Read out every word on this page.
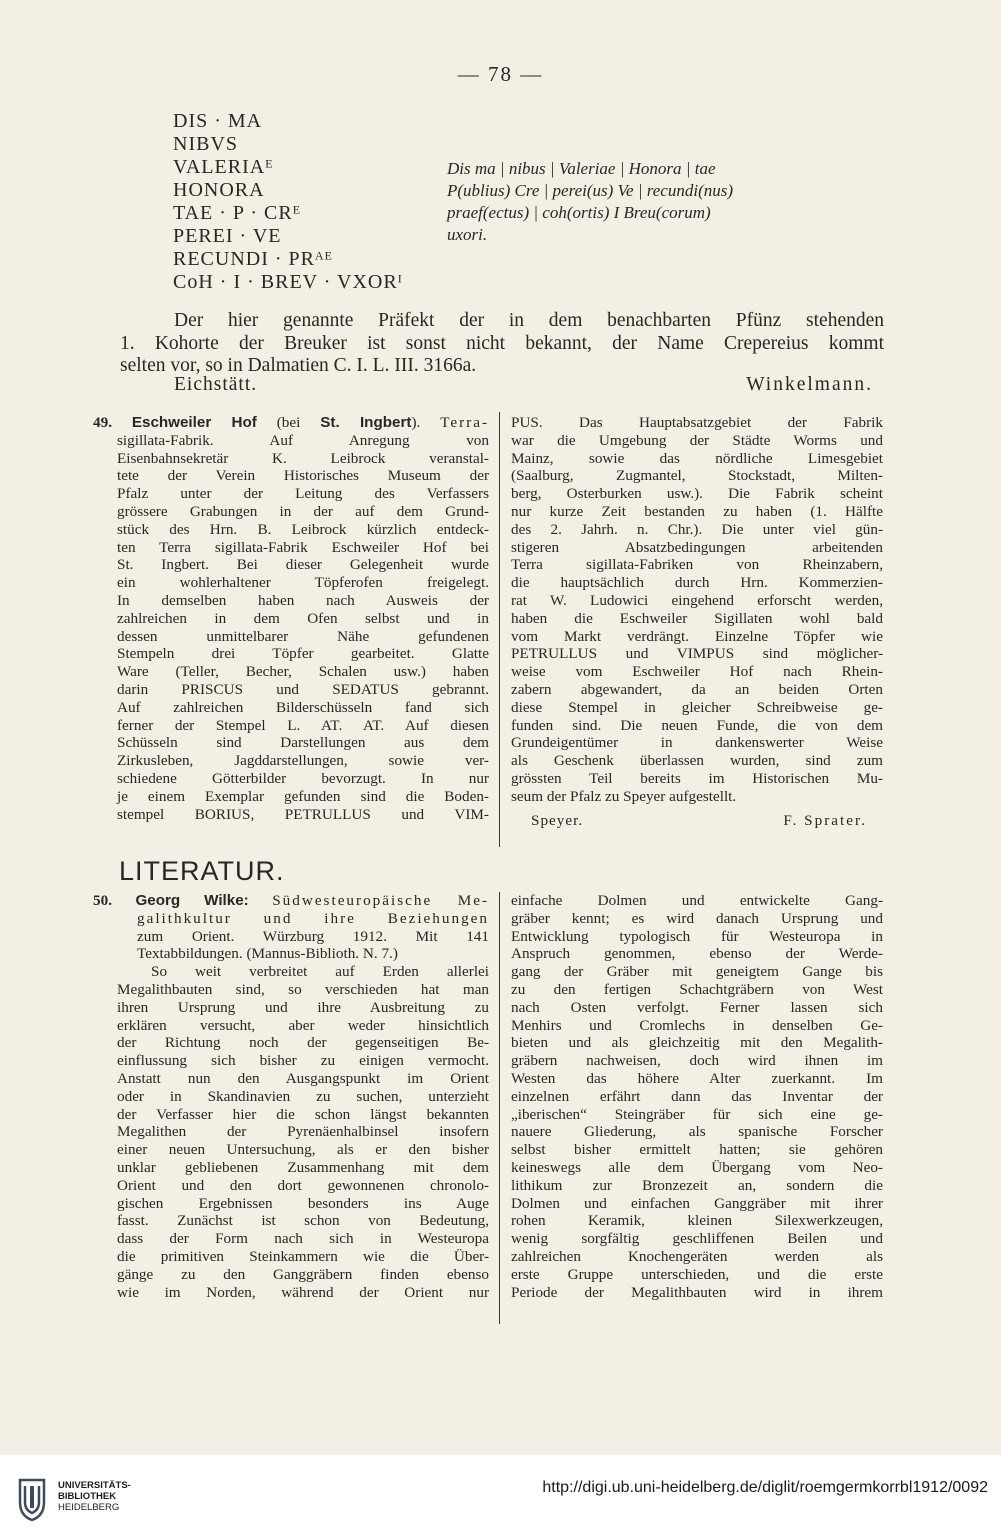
— 78 —
DIS · MA
NIBVS
VALERIAᴱ
HONORA
TAE · P · CRᴱ
PEREI · VE
RECUNDI · PRᴬᴱ
CoH · I · BREV · VXORᴵ
Dis ma | nibus | Valeriae | Honora | tae
P(ublius) Cre | perei(us) Ve | recundi(nus)
praef(ectus) | coh(ortis) I Breu(corum)
uxori.
Der hier genannte Präfekt der in dem benachbarten Pfünz stehenden
1. Kohorte der Breuker ist sonst nicht bekannt, der Name Crepereius kommt
selten vor, so in Dalmatien C. I. L. III. 3166a.
Eichstätt.	Winkelmann.
49. Eschweiler Hof (bei St. Ingbert). Terra-
sigillata-Fabrik. Auf Anregung von
Eisenbahnsekretär K. Leibrock veranstal-
tete der Verein Historisches Museum der
Pfalz unter der Leitung des Verfassers
grössere Grabungen in der auf dem Grund-
stück des Hrn. B. Leibrock kürzlich entdeck-
ten Terra sigillata-Fabrik Eschweiler Hof bei
St. Ingbert. Bei dieser Gelegenheit wurde
ein wohlerhaltener Töpferofen freigelegt.
In demselben haben nach Ausweis der
zahlreichen in dem Ofen selbst und in
dessen unmittelbarer Nähe gefundenen
Stempeln drei Töpfer gearbeitet. Glatte
Ware (Teller, Becher, Schalen usw.) haben
darin PRISCUS und SEDATUS gebrannt.
Auf zahlreichen Bilderschüsseln fand sich
ferner der Stempel L. AT. AT. Auf diesen
Schüsseln sind Darstellungen aus dem
Zirkusleben, Jagddarstellungen, sowie ver-
schiedene Götterbilder bevorzugt. In nur
je einem Exemplar gefunden sind die Boden-
stempel BORIUS, PETRULLUS und VIM-
PUS. Das Hauptabsatzgebiet der Fabrik
war die Umgebung der Städte Worms und
Mainz, sowie das nördliche Limesgebiet
(Saalburg, Zugmantel, Stockstadt, Milten-
berg, Osterburken usw.). Die Fabrik scheint
nur kurze Zeit bestanden zu haben (1. Hälfte
des 2. Jahrh. n. Chr.). Die unter viel gün-
stigeren Absatzbedingungen arbeitenden
Terra sigillata-Fabriken von Rheinzabern,
die hauptsächlich durch Hrn. Kommerzien-
rat W. Ludowici eingehend erforscht werden,
haben die Eschweiler Sigillaten wohl bald
vom Markt verdrängt. Einzelne Töpfer wie
PETRULLUS und VIMPUS sind möglicher-
weise vom Eschweiler Hof nach Rhein-
zabern abgewandert, da an beiden Orten
diese Stempel in gleicher Schreibweise ge-
funden sind. Die neuen Funde, die von dem
Grundeigentümer in dankenswerter Weise
als Geschenk überlassen wurden, sind zum
grössten Teil bereits im Historischen Mu-
seum der Pfalz zu Speyer aufgestellt.
Speyer.	F. Sprater.
LITERATUR.
50. Georg Wilke: Südwesteuropäische Me-
galithkultur und ihre Beziehungen
zum Orient. Würzburg 1912. Mit 141
Textabbildungen. (Mannus-Biblioth. N. 7.)
So weit verbreitet auf Erden allerlei
Megalithbauten sind, so verschieden hat man
ihren Ursprung und ihre Ausbreitung zu
erklären versucht, aber weder hinsichtlich
der Richtung noch der gegenseitigen Be-
einflussung sich bisher zu einigen vermocht.
Anstatt nun den Ausgangspunkt im Orient
oder in Skandinavien zu suchen, unterzieht
der Verfasser hier die schon längst bekannten
Megalithen der Pyrenäenhalbinsel insofern
einer neuen Untersuchung, als er den bisher
unklar gebliebenen Zusammenhang mit dem
Orient und den dort gewonnenen chronolo-
gischen Ergebnissen besonders ins Auge
fasst. Zunächst ist schon von Bedeutung,
dass der Form nach sich in Westeuropa
die primitiven Steinkammern wie die Über-
gänge zu den Ganggräbern finden ebenso
wie im Norden, während der Orient nur
einfache Dolmen und entwickelte Gang-
gräber kennt; es wird danach Ursprung und
Entwicklung typologisch für Westeuropa in
Anspruch genommen, ebenso der Werde-
gang der Gräber mit geneigtem Gange bis
zu den fertigen Schachtgräbern von West
nach Osten verfolgt. Ferner lassen sich
Menhirs und Cromlechs in denselben Ge-
bieten und als gleichzeitig mit den Megalith-
gräbern nachweisen, doch wird ihnen im
Westen das höhere Alter zuerkannt. Im
einzelnen erfährt dann das Inventar der
„iberischen“ Steingräber für sich eine ge-
nauere Gliederung, als spanische Forscher
selbst bisher ermittelt hatten; sie gehören
keineswegs alle dem Übergang vom Neo-
lithikum zur Bronzezeit an, sondern die
Dolmen und einfachen Ganggräber mit ihrer
rohen Keramik, kleinen Silexwerkzeugen,
wenig sorgfältig geschliffenen Beilen und
zahlreichen Knochengeräten werden als
erste Gruppe unterschieden, und die erste
Periode der Megalithbauten wird in ihrem
UNIVERSITÄTS-
BIBLIOTHEK
HEIDELBERG
http://digi.ub.uni-heidelberg.de/diglit/roemgermkorrbl1912/0092
